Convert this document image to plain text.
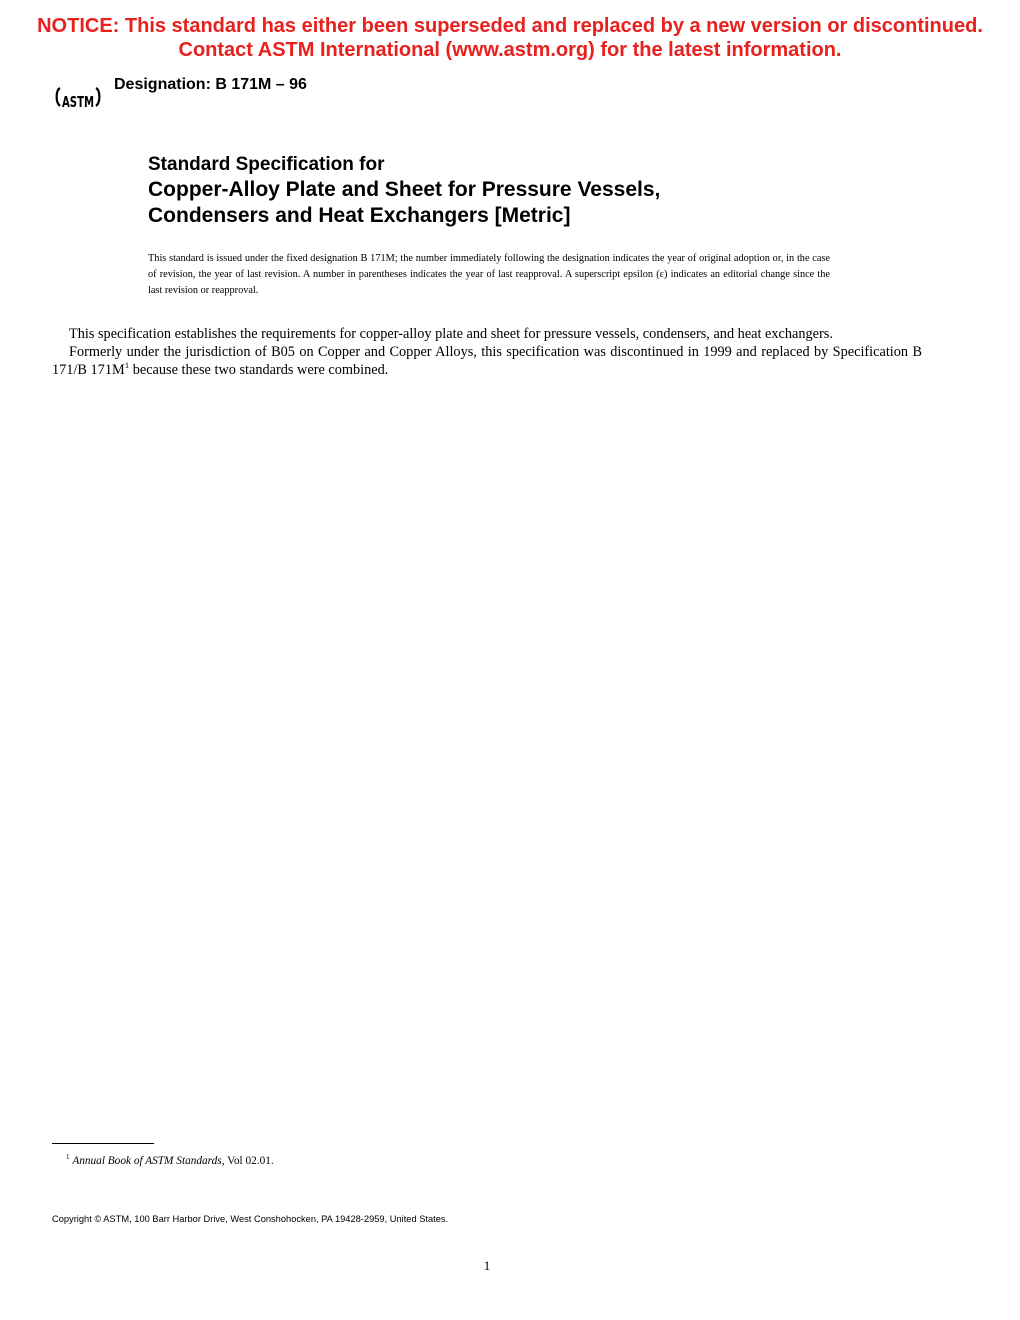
NOTICE: This standard has either been superseded and replaced by a new version or discontinued.
Contact ASTM International (www.astm.org) for the latest information.
ASTM
Designation: B 171M – 96
Standard Specification for
Copper-Alloy Plate and Sheet for Pressure Vessels,
Condensers and Heat Exchangers [Metric]
This standard is issued under the fixed designation B 171M; the number immediately following the designation indicates the year of original adoption or, in the case of revision, the year of last revision. A number in parentheses indicates the year of last reapproval. A superscript epsilon (ε) indicates an editorial change since the last revision or reapproval.

This specification establishes the requirements for copper-alloy plate and sheet for pressure vessels, condensers, and heat exchangers.

Formerly under the jurisdiction of B05 on Copper and Copper Alloys, this specification was discontinued in 1999 and replaced by Specification B 171/B $171M^1$ because these two standards were combined.

$^1$ Annual Book of ASTM Standards, Vol 02.01.
Copyright © ASTM, 100 Barr Harbor Drive, West Conshohocken, PA 19428-2959, United States.
1
